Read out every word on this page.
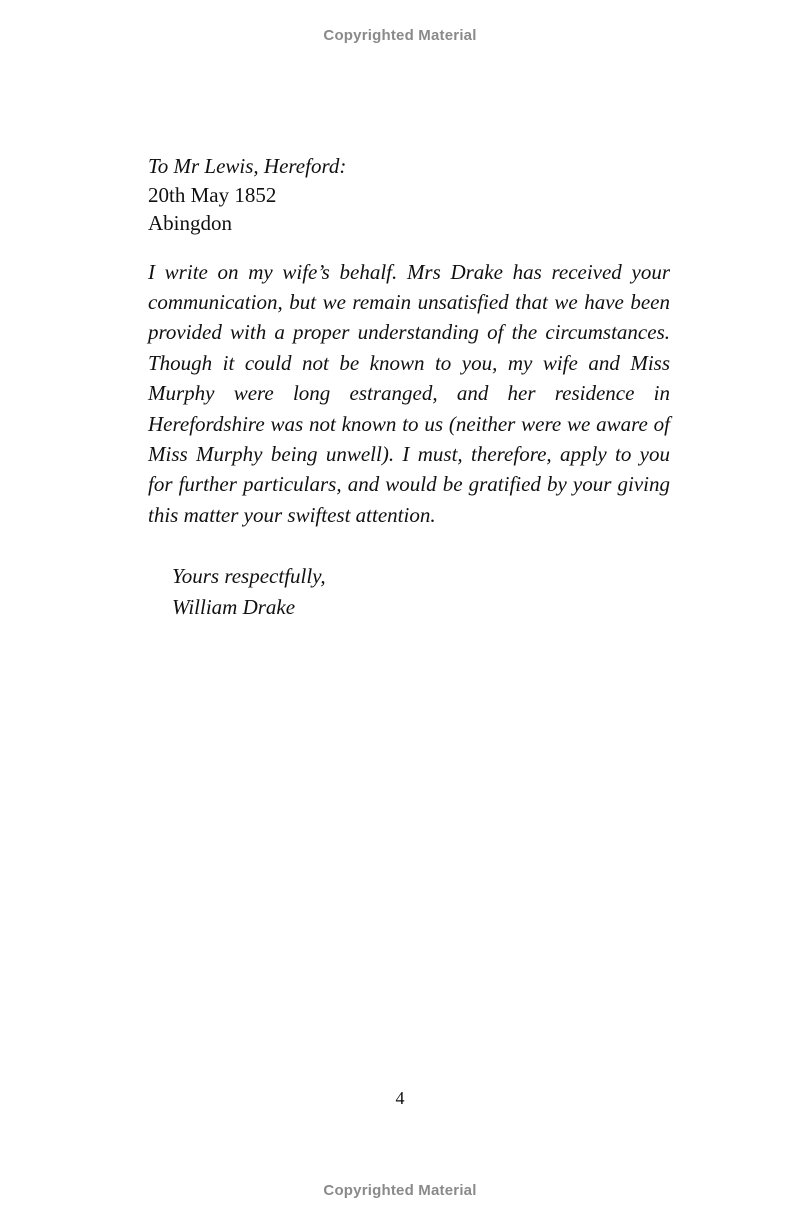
Copyrighted Material
To Mr Lewis, Hereford:
20th May 1852
Abingdon
I write on my wife’s behalf. Mrs Drake has received your communication, but we remain unsatisfied that we have been provided with a proper understanding of the circumstances. Though it could not be known to you, my wife and Miss Murphy were long estranged, and her residence in Herefordshire was not known to us (neither were we aware of Miss Murphy being unwell). I must, therefore, apply to you for further particulars, and would be gratified by your giving this matter your swiftest attention.
Yours respectfully,
William Drake
4
Copyrighted Material
